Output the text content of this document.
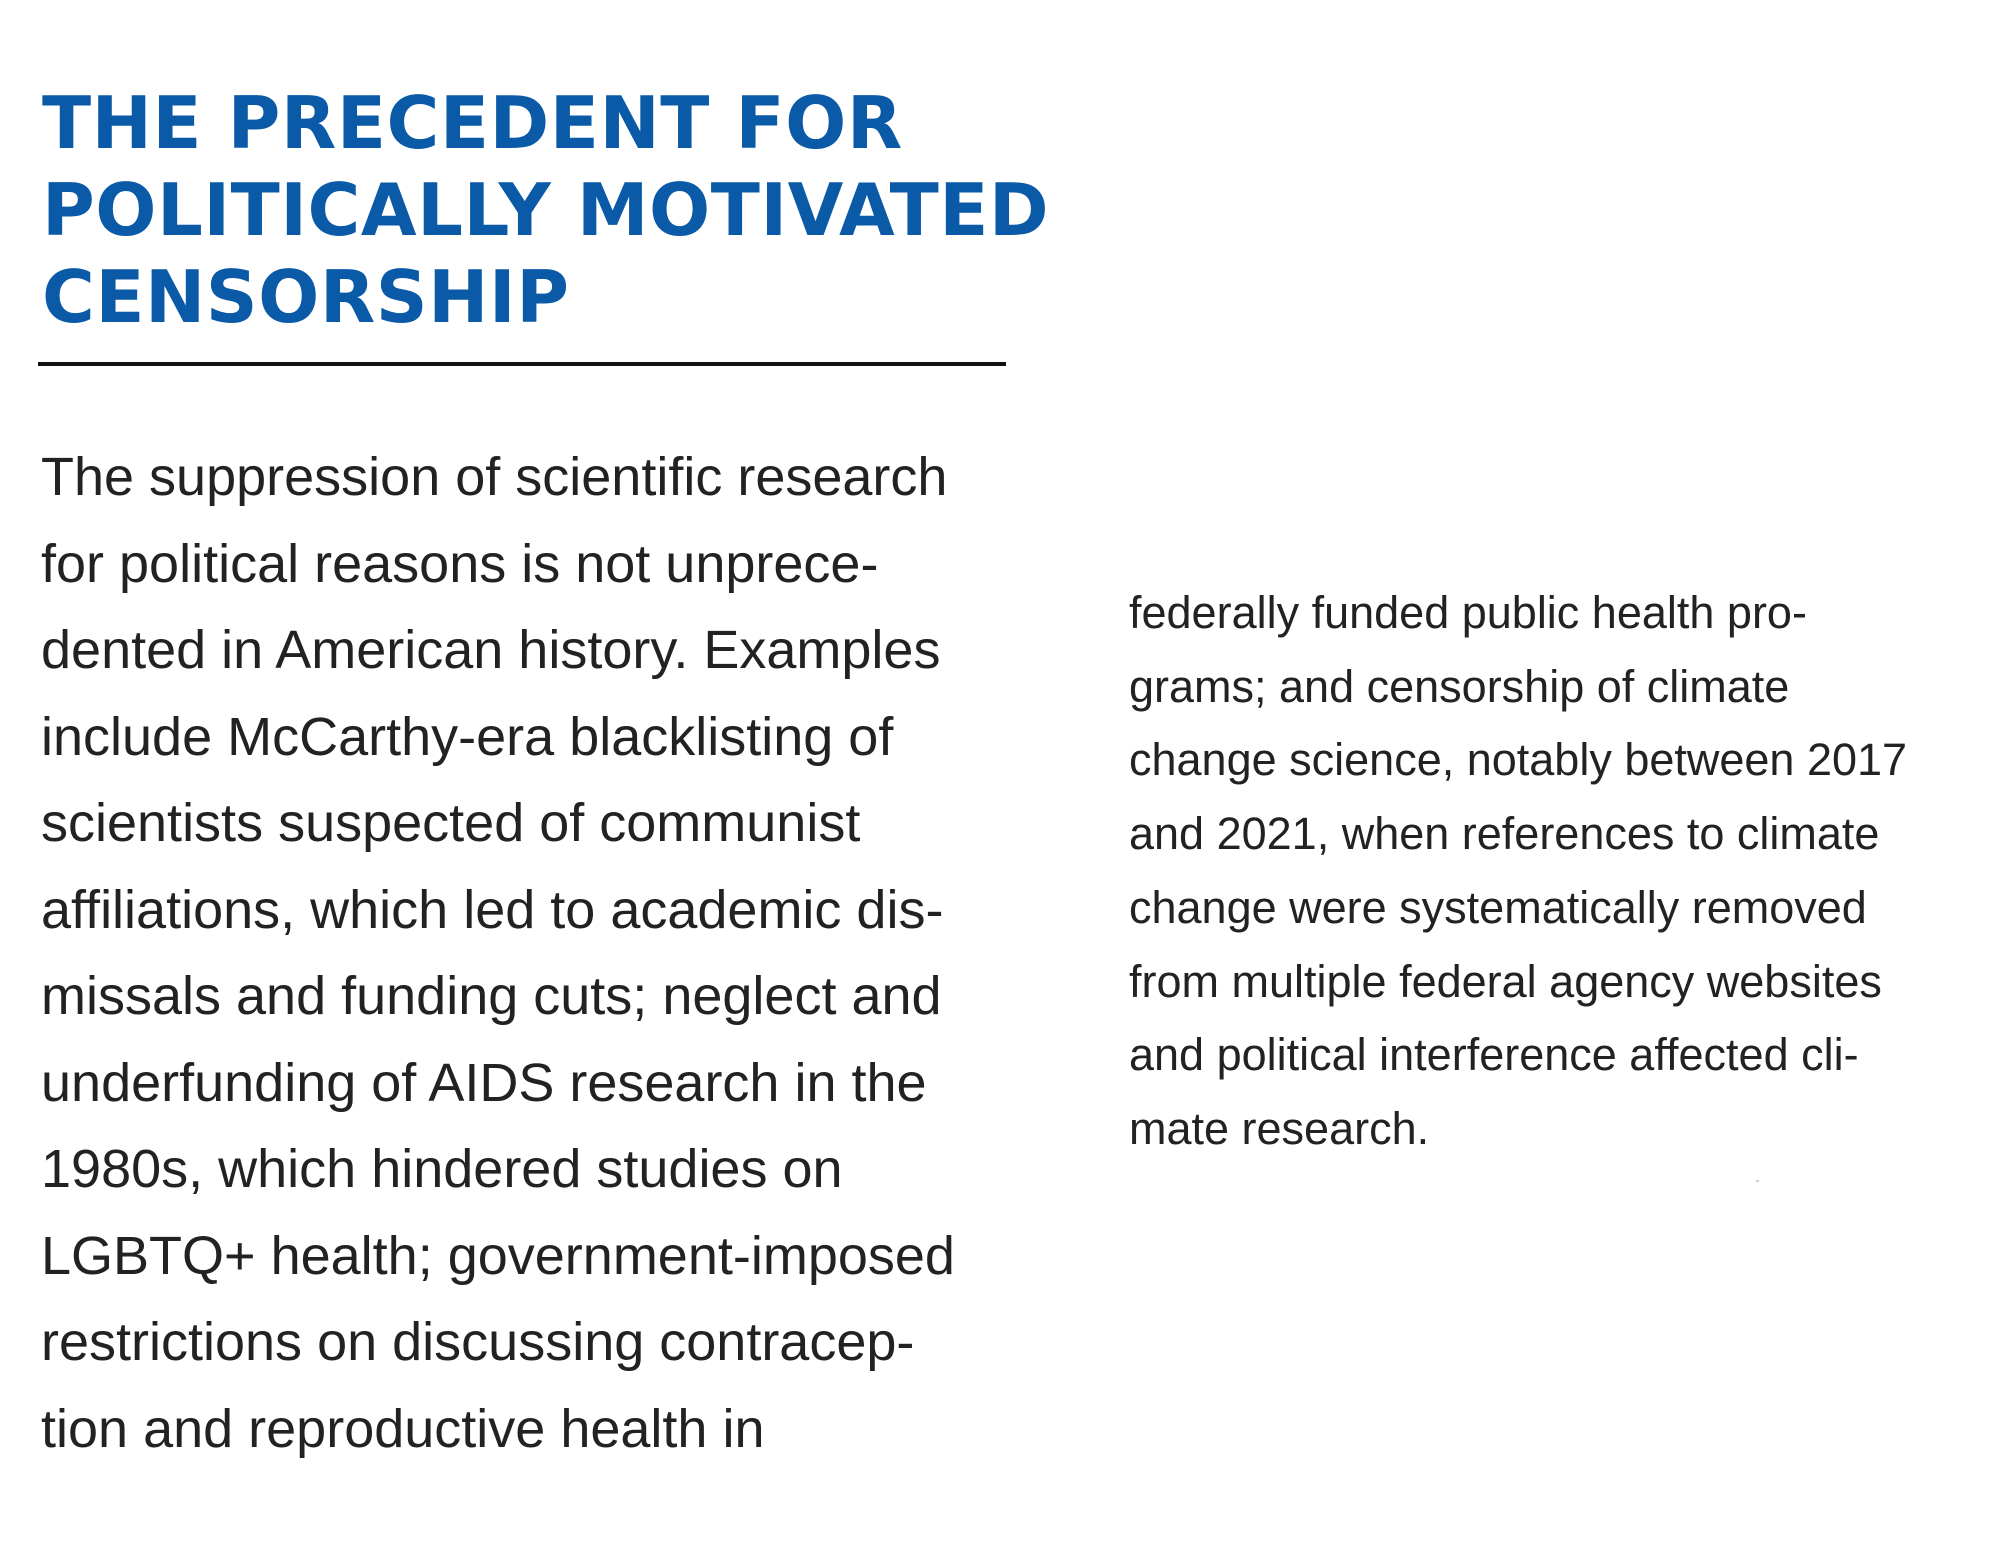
THE PRECEDENT FOR
POLITICALLY MOTIVATED
CENSORSHIP
The suppression of scientific research
for political reasons is not unprece-
dented in American history. Examples
include McCarthy-era blacklisting of
scientists suspected of communist
affiliations, which led to academic dis-
missals and funding cuts; neglect and
underfunding of AIDS research in the
1980s, which hindered studies on
LGBTQ+ health; government-imposed
restrictions on discussing contracep-
tion and reproductive health in
federally funded public health pro-
grams; and censorship of climate
change science, notably between 2017
and 2021, when references to climate
change were systematically removed
from multiple federal agency websites
and political interference affected cli-
mate research.
